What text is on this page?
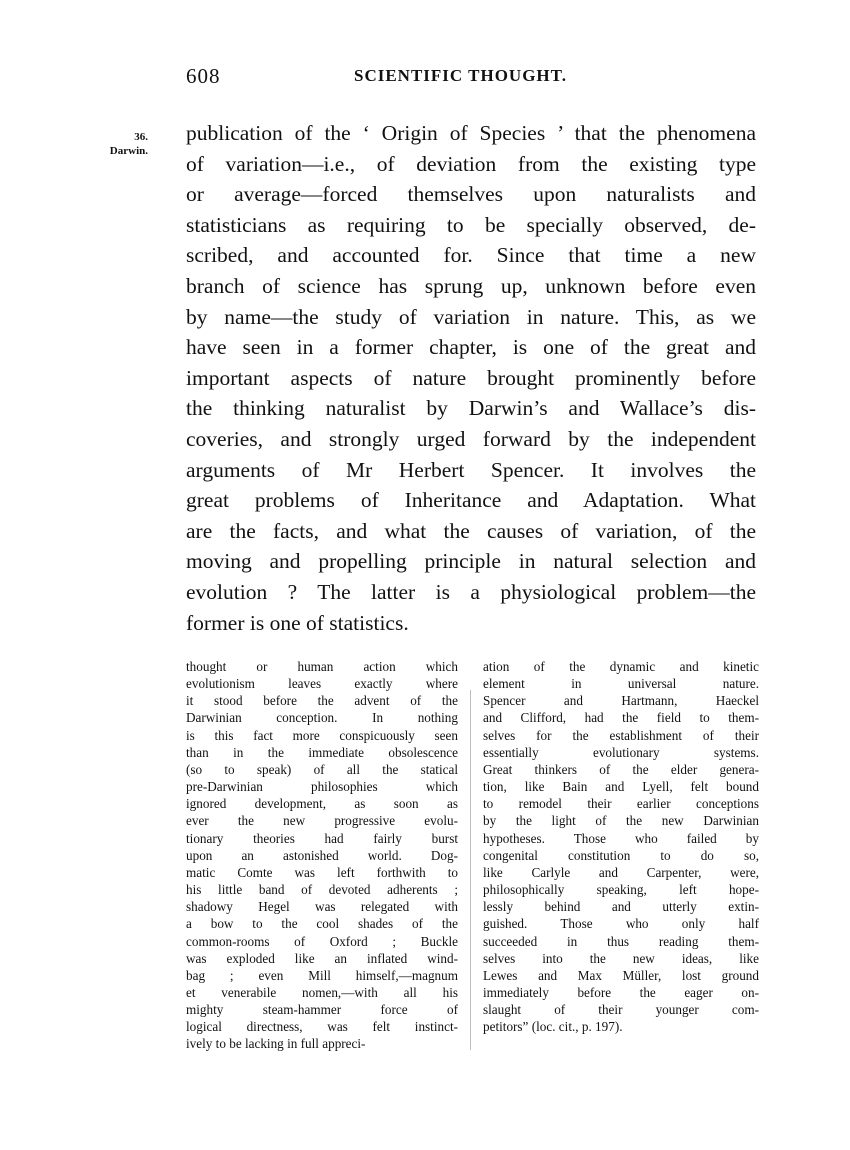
608	SCIENTIFIC THOUGHT.
36.
Darwin.
publication of the ‘ Origin of Species ’ that the phenomena
of variation—i.e., of deviation from the existing type
or average—forced themselves upon naturalists and
statisticians as requiring to be specially observed, de-
scribed, and accounted for. Since that time a new
branch of science has sprung up, unknown before even
by name—the study of variation in nature. This, as we
have seen in a former chapter, is one of the great and
important aspects of nature brought prominently before
the thinking naturalist by Darwin’s and Wallace’s dis-
coveries, and strongly urged forward by the independent
arguments of Mr Herbert Spencer. It involves the
great problems of Inheritance and Adaptation. What
are the facts, and what the causes of variation, of the
moving and propelling principle in natural selection and
evolution ? The latter is a physiological problem—the
former is one of statistics.
thought or human action which
evolutionism leaves exactly where
it stood before the advent of the
Darwinian conception. In nothing
is this fact more conspicuously seen
than in the immediate obsolescence
(so to speak) of all the statical
pre-Darwinian philosophies which
ignored development, as soon as
ever the new progressive evolu-
tionary theories had fairly burst
upon an astonished world. Dog-
matic Comte was left forthwith to
his little band of devoted adherents ;
shadowy Hegel was relegated with
a bow to the cool shades of the
common-rooms of Oxford ; Buckle
was exploded like an inflated wind-
bag ; even Mill himself,—magnum
et venerabile nomen,—with all his
mighty steam-hammer force of
logical directness, was felt instinct-
ively to be lacking in full appreci-
ation of the dynamic and kinetic
element in universal nature.
Spencer and Hartmann, Haeckel
and Clifford, had the field to them-
selves for the establishment of their
essentially evolutionary systems.
Great thinkers of the elder genera-
tion, like Bain and Lyell, felt bound
to remodel their earlier conceptions
by the light of the new Darwinian
hypotheses. Those who failed by
congenital constitution to do so,
like Carlyle and Carpenter, were,
philosophically speaking, left hope-
lessly behind and utterly extin-
guished. Those who only half
succeeded in thus reading them-
selves into the new ideas, like
Lewes and Max Müller, lost ground
immediately before the eager on-
slaught of their younger com-
petitors” (loc. cit., p. 197).
